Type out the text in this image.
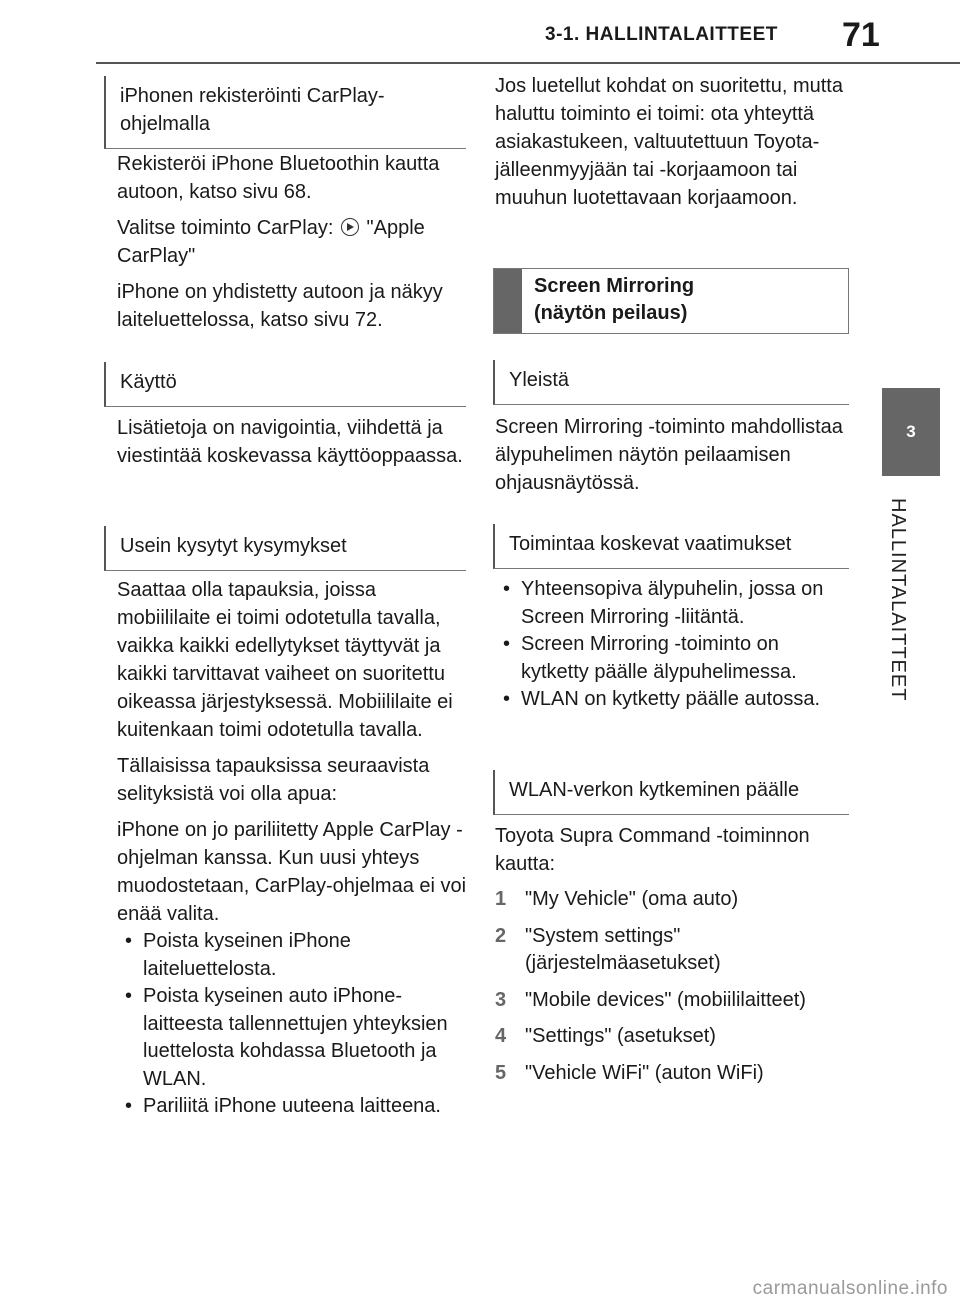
3-1. HALLINTALAITTEET 71
3
HALLINTALAITTEET
iPhonen rekisteröinti CarPlay-ohjelmalla

Rekisteröi iPhone Bluetoothin kautta autoon, katso sivu 68.

Valitse toiminto CarPlay: "Apple CarPlay"

iPhone on yhdistetty autoon ja näkyy laiteluettelossa, katso sivu 72.

Käyttö

Lisätietoja on navigointia, viihdettä ja viestintää koskevassa käyttöoppaassa.

Usein kysytyt kysymykset

Saattaa olla tapauksia, joissa mobiililaite ei toimi odotetulla tavalla, vaikka kaikki edellytykset täyttyvät ja kaikki tarvittavat vaiheet on suoritettu oikeassa järjestyksessä. Mobiililaite ei kuitenkaan toimi odotetulla tavalla.

Tällaisissa tapauksissa seuraavista selityksistä voi olla apua:

iPhone on jo pariliitetty Apple CarPlay -ohjelman kanssa. Kun uusi yhteys muodostetaan, CarPlay-ohjelmaa ei voi enää valita.

• Poista kyseinen iPhone laiteluettelosta.
• Poista kyseinen auto iPhone-laitteesta tallennettujen yhteyksien luettelosta kohdassa Bluetooth ja WLAN.
• Pariliitä iPhone uuteena laitteena.

Jos luetellut kohdat on suoritettu, mutta haluttu toiminto ei toimi: ota yhteyttä asiakastukeen, valtuutettuun Toyota-jälleenmyyjään tai -korjaamoon tai muuhun luotettavaan korjaamoon.

Screen Mirroring
(näytön peilaus)
Yleistä

Screen Mirroring -toiminto mahdollistaa älypuhelimen näytön peilaamisen ohjausnäytössä.

Toimintaa koskevat vaatimukset
• Yhteensopiva älypuhelin, jossa on Screen Mirroring -liitäntä.
• Screen Mirroring -toiminto on kytketty päälle älypuhelimessa.
• WLAN on kytketty päälle autossa.
WLAN-verkon kytkeminen päälle

Toyota Supra Command -toiminnon kautta:

1 "My Vehicle" (oma auto)
2 "System settings" (järjestelmäasetukset)
3 "Mobile devices" (mobiililaitteet)
4 "Settings" (asetukset)
5 "Vehicle WiFi" (auton WiFi)
carmanualsonline.info
